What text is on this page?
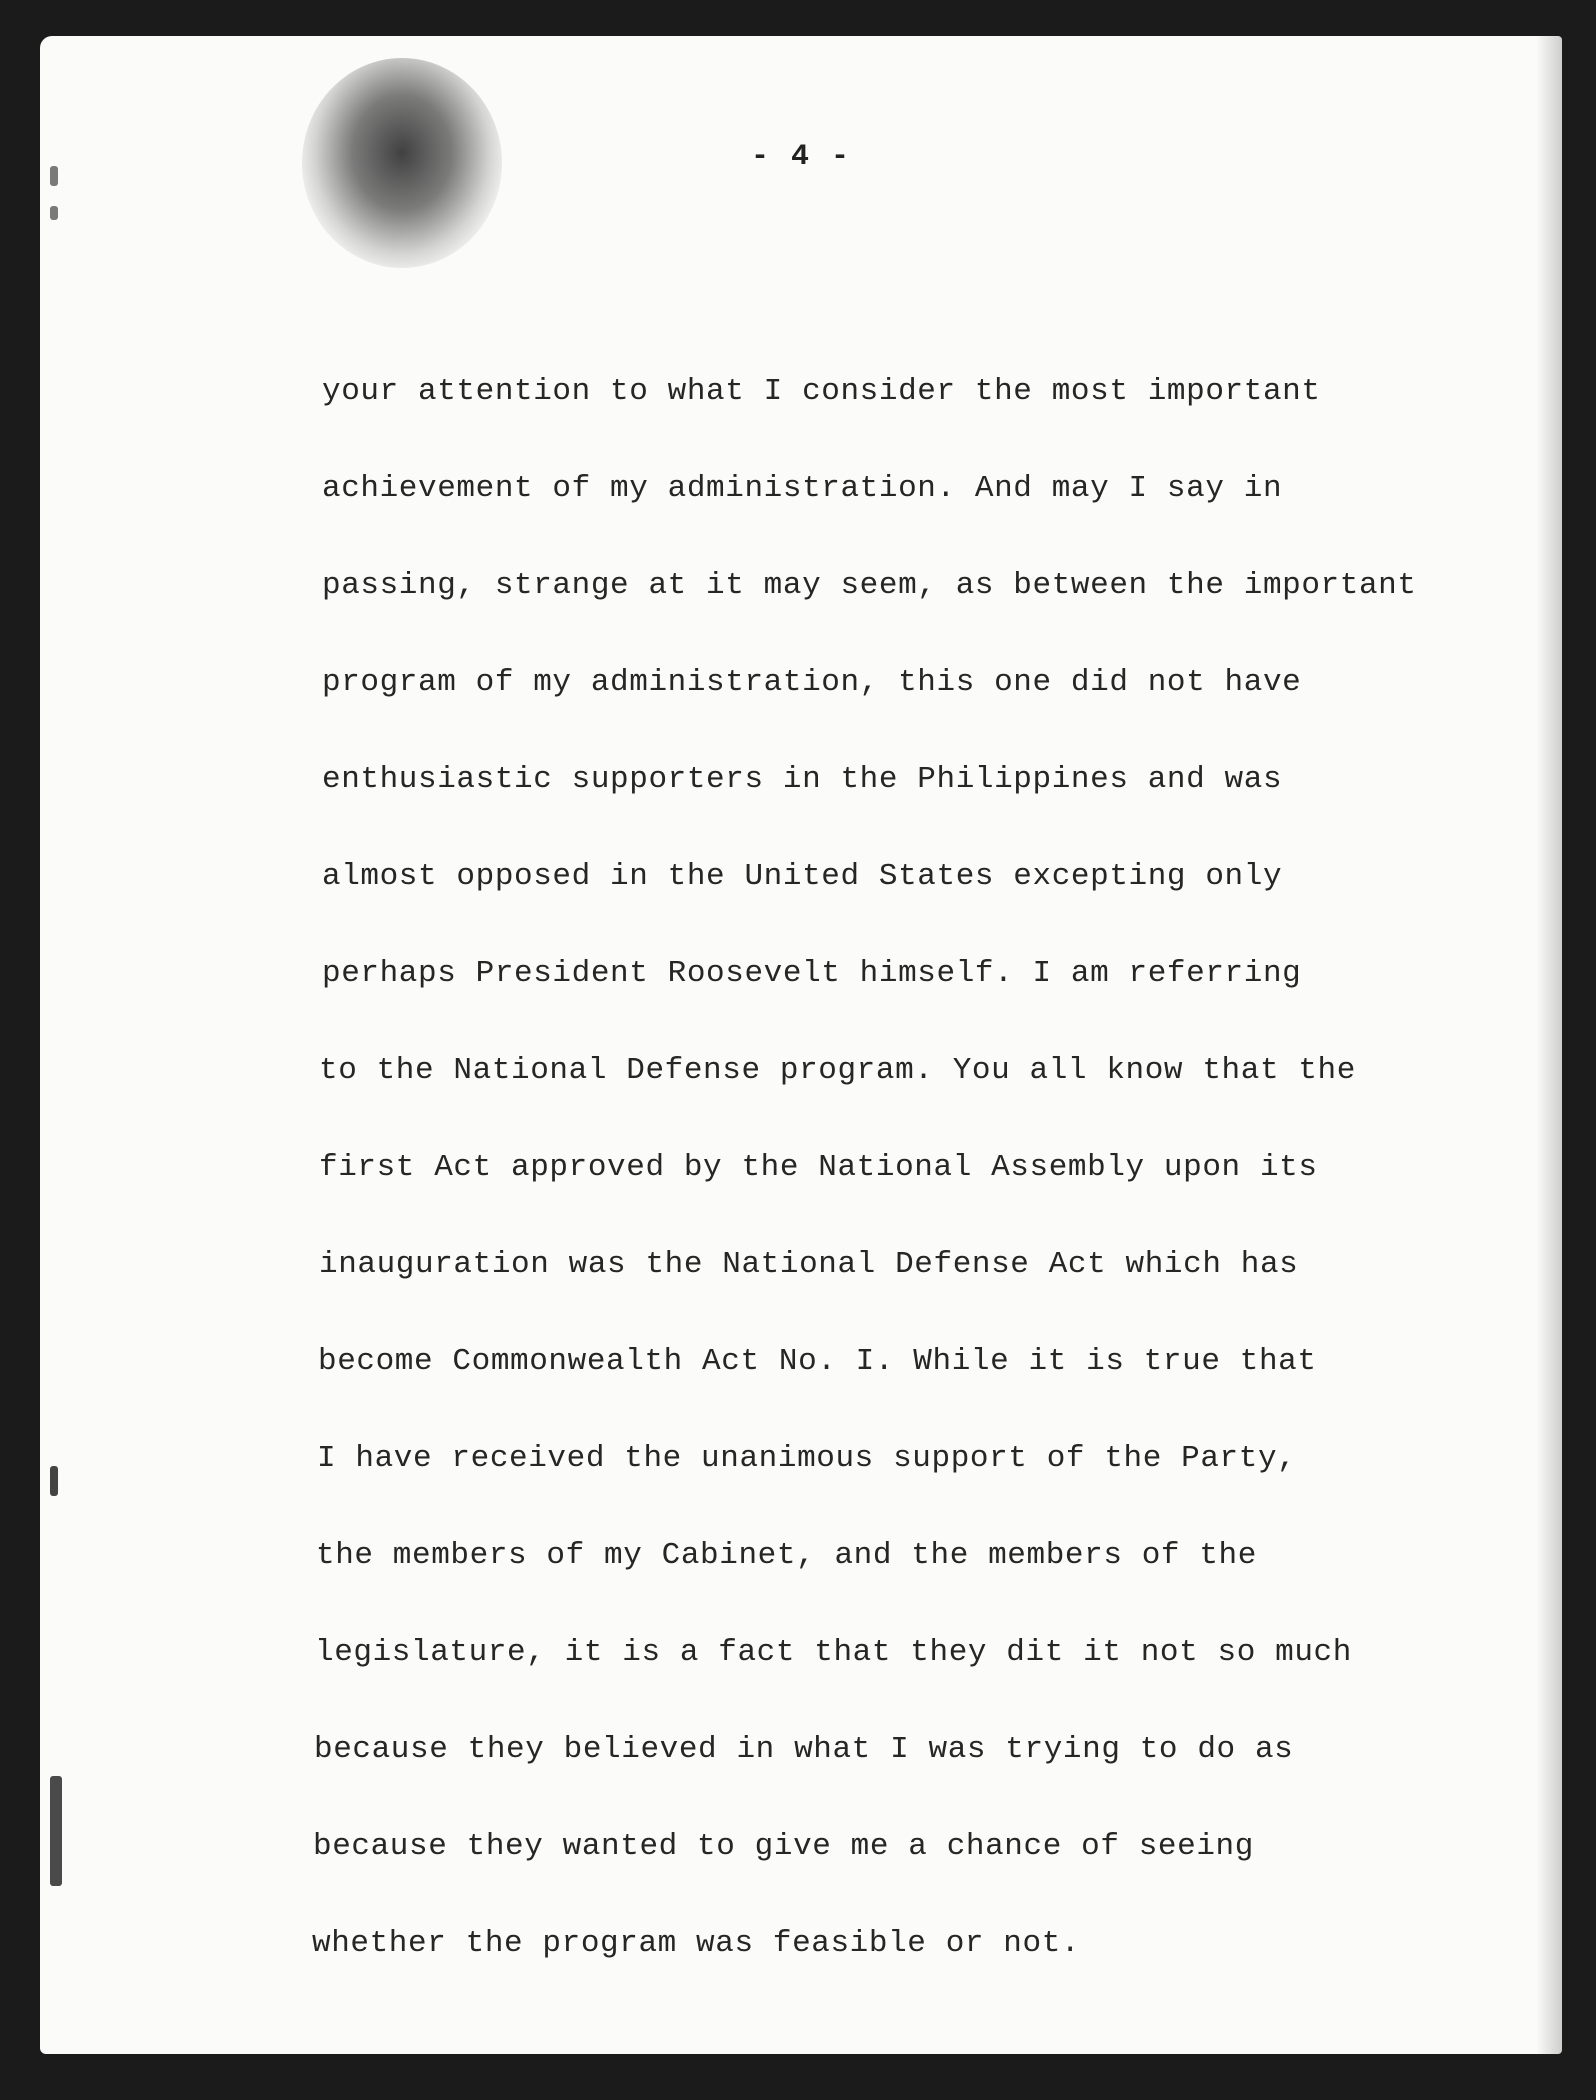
- 4 -
your attention to what I consider the most important
achievement of my administration. And may I say in
passing, strange at it may seem, as between the important
program of my administration, this one did not have
enthusiastic supporters in the Philippines and was
almost opposed in the United States excepting only
perhaps President Roosevelt himself. I am referring
to the National Defense program. You all know that the
first Act approved by the National Assembly upon its
inauguration was the National Defense Act which has
become Commonwealth Act No. I. While it is true that
I have received the unanimous support of the Party,
the members of my Cabinet, and the members of the
legislature, it is a fact that they dit it not so much
because they believed in what I was trying to do as
because they wanted to give me a chance of seeing
whether the program was feasible or not.
